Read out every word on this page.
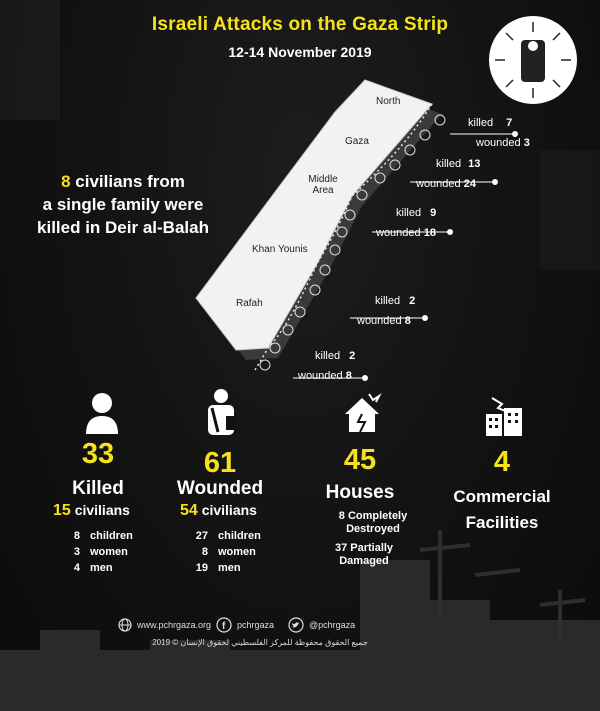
Israeli Attacks on the Gaza Strip
12-14 November 2019
8 civilians from
a single family were
killed in Deir al-Balah
North
Gaza
Middle Area
Khan Younis
Rafah
killed 7
wounded 3
killed 13
wounded 24
killed 9
wounded 18
killed 2
wounded 8
killed 2
wounded 8
33
Killed
15 civilians
8 children
3 women
4 men
61
Wounded
54 civilians
27 children
8 women
19 men
45
Houses
8 Completely
Destroyed
37 Partially
Damaged
4
Commercial
Facilities
www.pchrgaza.org f pchrgaza	@pchrgaza
2019 © جميع الحقوق محفوظة للمركز الفلسطيني لحقوق الإنسان
